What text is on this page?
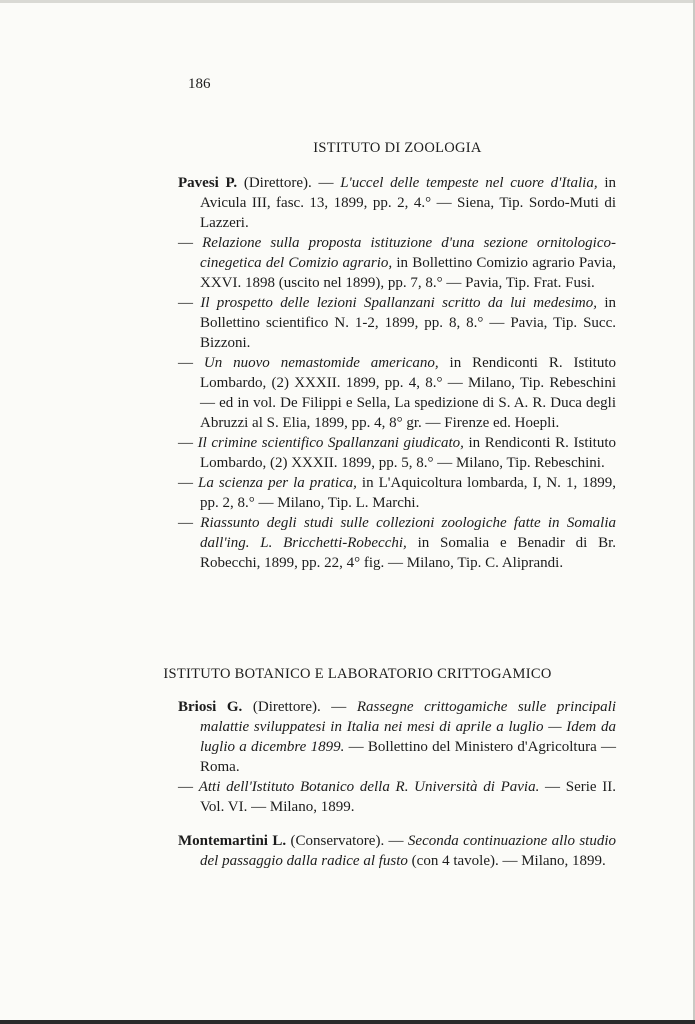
186
ISTITUTO DI ZOOLOGIA

Pavesi P. (Direttore). — L'uccel delle tempeste nel cuore d'Italia, in Avicula III, fasc. 13, 1899, pp. 2, 4.° — Siena, Tip. Sordo-Muti di Lazzeri.

— Relazione sulla proposta istituzione d'una sezione ornitologico-cinegetica del Comizio agrario, in Bollettino Comizio agrario Pavia, XXVI. 1898 (uscito nel 1899), pp. 7, 8.° — Pavia, Tip. Frat. Fusi.

— Il prospetto delle lezioni Spallanzani scritto da lui medesimo, in Bollettino scientifico N. 1-2, 1899, pp. 8, 8.° — Pavia, Tip. Succ. Bizzoni.

— Un nuovo nemastomide americano, in Rendiconti R. Istituto Lombardo, (2) XXXII. 1899, pp. 4, 8.° — Milano, Tip. Rebeschini — ed in vol. De Filippi e Sella, La spedizione di S. A. R. Duca degli Abruzzi al S. Elia, 1899, pp. 4, 8° gr. — Firenze ed. Hoepli.

— Il crimine scientifico Spallanzani giudicato, in Rendiconti R. Istituto Lombardo, (2) XXXII. 1899, pp. 5, 8.° — Milano, Tip. Rebeschini.

— La scienza per la pratica, in L'Aquicoltura lombarda, I, N. 1, 1899, pp. 2, 8.° — Milano, Tip. L. Marchi.

— Riassunto degli studi sulle collezioni zoologiche fatte in Somalia dall'ing. L. Bricchetti-Robecchi, in Somalia e Benadir di Br. Robecchi, 1899, pp. 22, 4° fig. — Milano, Tip. C. Aliprandi.

ISTITUTO BOTANICO E LABORATORIO CRITTOGAMICO

Briosi G. (Direttore). — Rassegne crittogamiche sulle principali malattie sviluppatesi in Italia nei mesi di aprile a luglio — Idem da luglio a dicembre 1899. — Bollettino del Ministero d'Agricoltura — Roma.

— Atti dell'Istituto Botanico della R. Università di Pavia. — Serie II. Vol. VI. — Milano, 1899.

Montemartini L. (Conservatore). — Seconda continuazione allo studio del passaggio dalla radice al fusto (con 4 tavole). — Milano, 1899.
